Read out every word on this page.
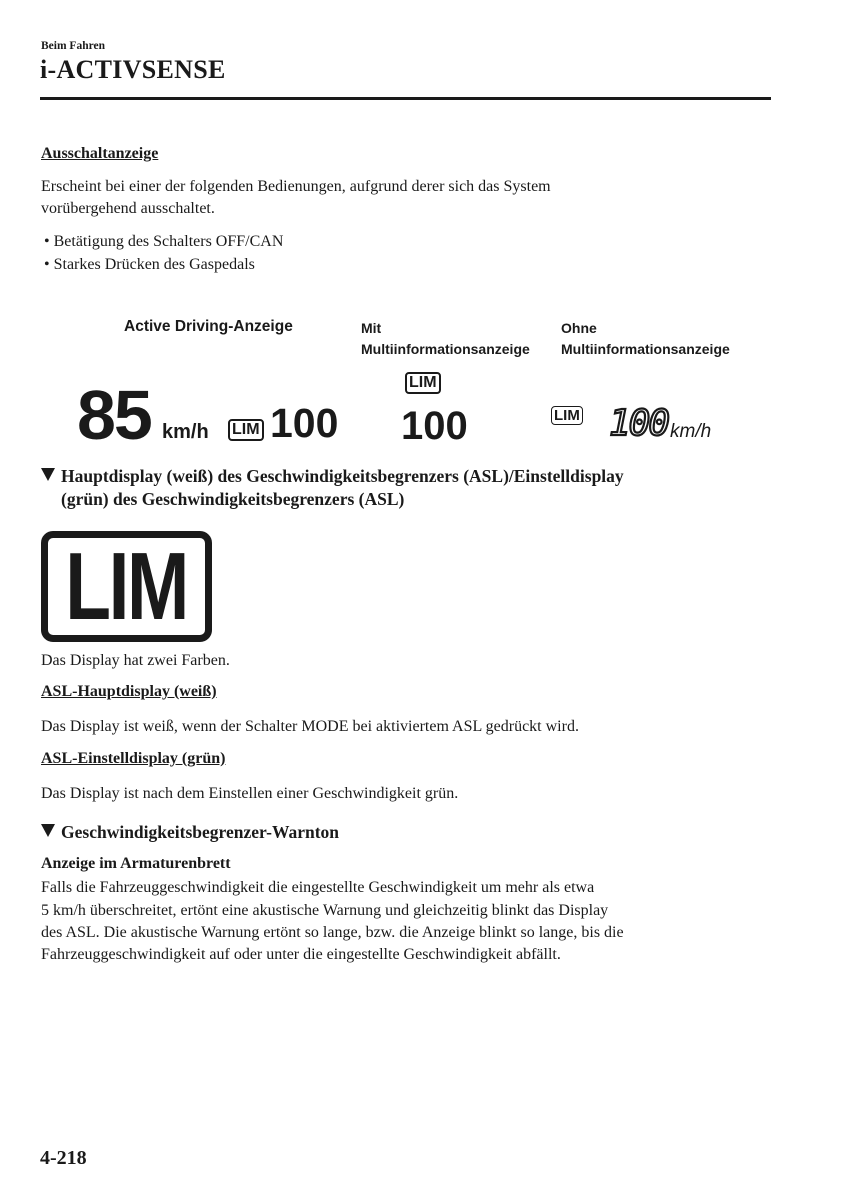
Beim Fahren
i-ACTIVSENSE
Ausschaltanzeige
Erscheint bei einer der folgenden Bedienungen, aufgrund derer sich das System
vorübergehend ausschaltet.
• Betätigung des Schalters OFF/CAN
• Starkes Drücken des Gaspedals
Active Driving-Anzeige	Mit
Multiinformationsanzeige
Ohne
Multiinformationsanzeige
85 km/h LIM 100
LIM
100	LIM 100 km/h
Hauptdisplay (weiß) des Geschwindigkeitsbegrenzers (ASL)/Einstelldisplay
(grün) des Geschwindigkeitsbegrenzers (ASL)
LIM
Das Display hat zwei Farben.
ASL-Hauptdisplay (weiß)
Das Display ist weiß, wenn der Schalter MODE bei aktiviertem ASL gedrückt wird.
ASL-Einstelldisplay (grün)
Das Display ist nach dem Einstellen einer Geschwindigkeit grün.
Geschwindigkeitsbegrenzer-Warnton
Anzeige im Armaturenbrett
Falls die Fahrzeuggeschwindigkeit die eingestellte Geschwindigkeit um mehr als etwa
5 km/h überschreitet, ertönt eine akustische Warnung und gleichzeitig blinkt das Display
des ASL. Die akustische Warnung ertönt so lange, bzw. die Anzeige blinkt so lange, bis die
Fahrzeuggeschwindigkeit auf oder unter die eingestellte Geschwindigkeit abfällt.
4-218
